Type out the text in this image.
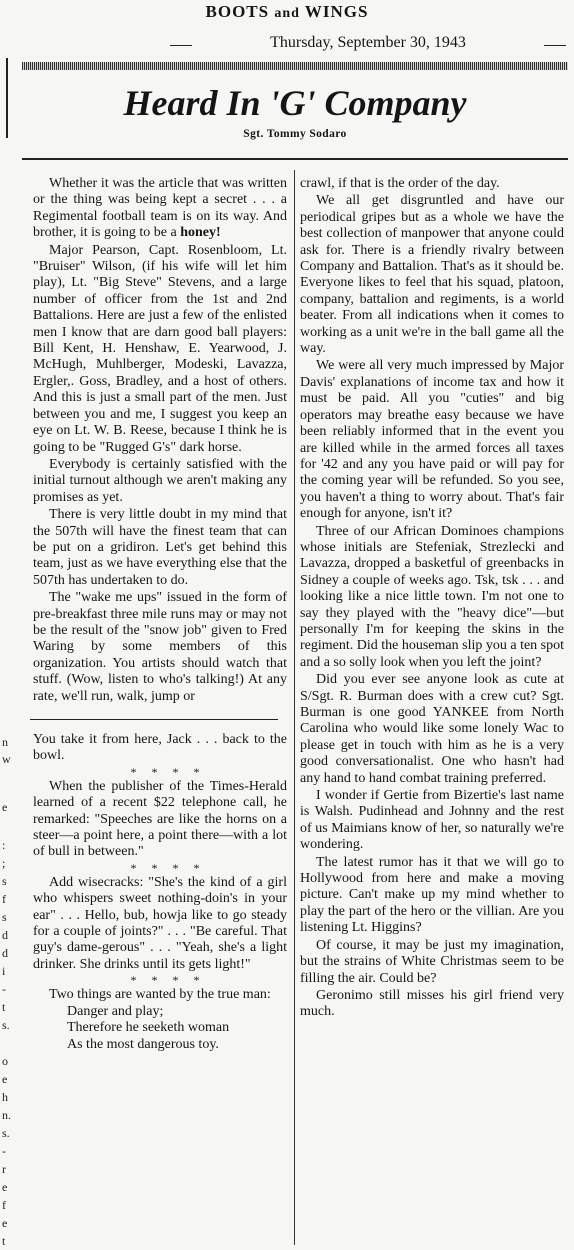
BOOTS and WINGS
Thursday, September 30, 1943
Heard In 'G' Company
Sgt. Tommy Sodaro
n
w
e
:
;
s
f
s
d
d
i
-
t
s.
o
e
h
n.
s.
-
r
e
f
e
t

Whether it was the article that was written or the thing was being kept a secret . . . a Regimental football team is on its way. And brother, it is going to be a honey!

Major Pearson, Capt. Rosenbloom, Lt. "Bruiser" Wilson, (if his wife will let him play), Lt. "Big Steve" Stevens, and a large number of officer from the 1st and 2nd Battalions. Here are just a few of the enlisted men I know that are darn good ball players: Bill Kent, H. Henshaw, E. Yearwood, J. McHugh, Muhlberger, Modeski, Lavazza, Ergler,. Goss, Bradley, and a host of others. And this is just a small part of the men. Just between you and me, I suggest you keep an eye on Lt. W. B. Reese, because I think he is going to be "Rugged G's" dark horse.

Everybody is certainly satisfied with the initial turnout although we aren't making any promises as yet.

There is very little doubt in my mind that the 507th will have the finest team that can be put on a gridiron. Let's get behind this team, just as we have everything else that the 507th has undertaken to do.

The "wake me ups" issued in the form of pre-breakfast three mile runs may or may not be the result of the "snow job" given to Fred Waring by some members of this organization. You artists should watch that stuff. (Wow, listen to who's talking!) At any rate, we'll run, walk, jump or

You take it from here, Jack . . . back to the bowl.

* * * *

When the publisher of the Times-Herald learned of a recent $22 telephone call, he remarked: "Speeches are like the horns on a steer—a point here, a point there—with a lot of bull in between."

* * * *

Add wisecracks: "She's the kind of a girl who whispers sweet nothing-doin's in your ear" . . . Hello, bub, howja like to go steady for a couple of joints?" . . . "Be careful. That guy's dame-gerous" . . . "Yeah, she's a light drinker. She drinks until its gets light!"

* * * *

Two things are wanted by the true man:

Danger and play;

Therefore he seeketh woman

As the most dangerous toy.

crawl, if that is the order of the day.

We all get disgruntled and have our periodical gripes but as a whole we have the best collection of manpower that anyone could ask for. There is a friendly rivalry between Company and Battalion. That's as it should be. Everyone likes to feel that his squad, platoon, company, battalion and regiments, is a world beater. From all indications when it comes to working as a unit we're in the ball game all the way.

We were all very much impressed by Major Davis' explanations of income tax and how it must be paid. All you "cuties" and big operators may breathe easy because we have been reliably informed that in the event you are killed while in the armed forces all taxes for '42 and any you have paid or will pay for the coming year will be refunded. So you see, you haven't a thing to worry about. That's fair enough for anyone, isn't it?

Three of our African Dominoes champions whose initials are Stefeniak, Strezlecki and Lavazza, dropped a basketful of greenbacks in Sidney a couple of weeks ago. Tsk, tsk . . . and looking like a nice little town. I'm not one to say they played with the "heavy dice"—but personally I'm for keeping the skins in the regiment. Did the houseman slip you a ten spot and a so solly look when you left the joint?

Did you ever see anyone look as cute at S/Sgt. R. Burman does with a crew cut? Sgt. Burman is one good YANKEE from North Carolina who would like some lonely Wac to please get in touch with him as he is a very good conversationalist. One who hasn't had any hand to hand combat training preferred.

I wonder if Gertie from Bizertie's last name is Walsh. Pudinhead and Johnny and the rest of us Maimians know of her, so naturally we're wondering.

The latest rumor has it that we will go to Hollywood from here and make a moving picture. Can't make up my mind whether to play the part of the hero or the villian. Are you listening Lt. Higgins?

Of course, it may be just my imagination, but the strains of White Christmas seem to be filling the air. Could be?

Geronimo still misses his girl friend very much.
